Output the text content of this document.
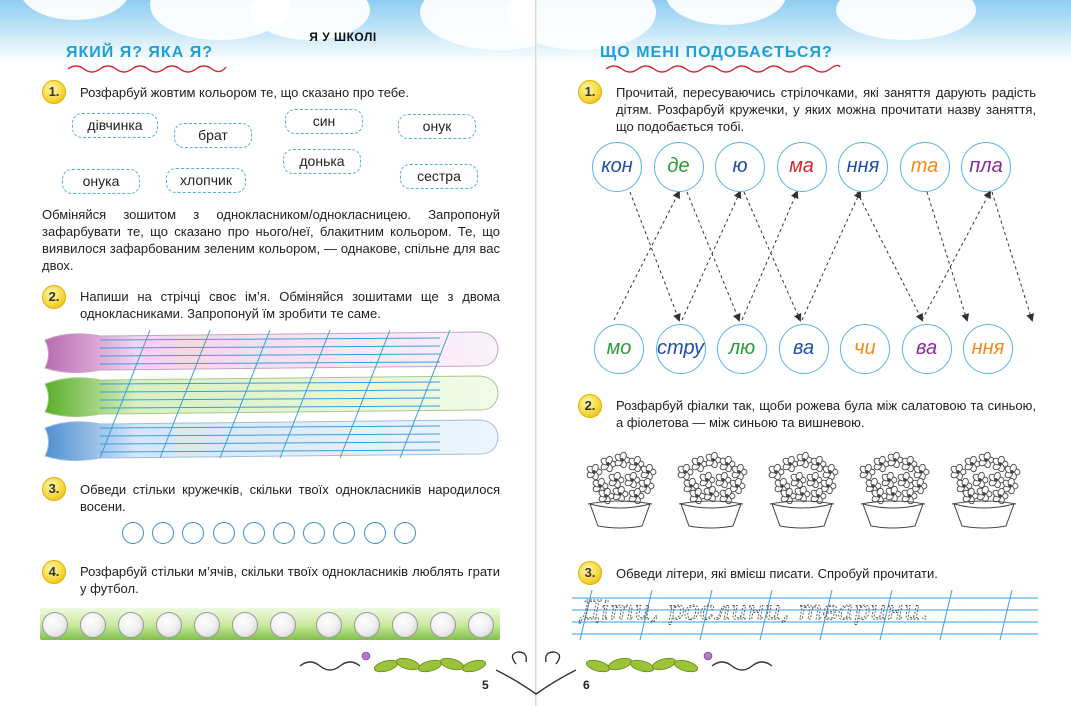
Я У ШКОЛІ
ЯКИЙ Я? ЯКА Я?
1.	Розфарбуй жовтим кольором те, що сказано про тебе.
дівчинка
брат
син	онук
донька
онука	хлопчик	сестра
Обміняйся зошитом з однокласником/однокласницею. Запропонуй зафарбувати те, що сказано про нього/неї, блакитним кольором. Те, що виявилося зафарбованим зеленим кольором, — однакове, спільне для вас двох.
2.	Напиши на стрічці своє ім’я. Обміняйся зошитами ще з двома однокласниками. Запропонуй їм зробити те саме.
3.	Обведи стільки кружечків, скільки твоїх однокласників народилося восени.
4.	Розфарбуй стільки м’ячів, скільки твоїх однокласників люблять грати у футбол.
5
ЩО МЕНІ ПОДОБАЄТЬСЯ?
1.	Прочитай, пересуваючись стрілочками, які заняття дарують радість дітям. Розфарбуй кружечки, у яких можна прочитати назву заняття, що подобається тобі.
кон	де	ю	ма	ння	та	пла
мо	стру	лю	ва	чи	ва	ння
2.	Розфарбуй фіалки так, щоби рожева була між салатовою та синьою, а фіолетова — між синьою та вишневою.
3.	Обведи літери, які вмієш писати. Спробуй прочитати.
Діти, рослини, тварини.
6
